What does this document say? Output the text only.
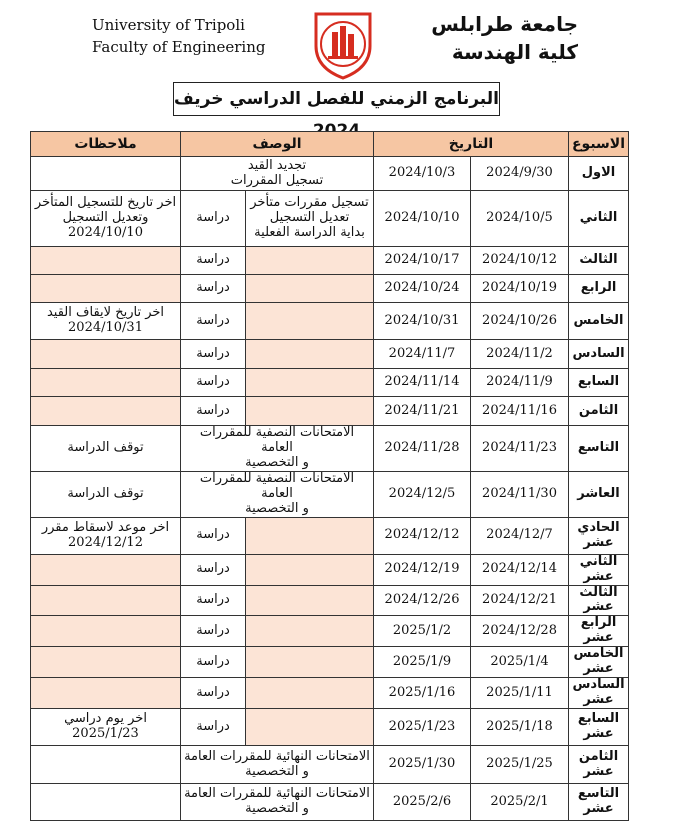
University of Tripoli
Faculty of Engineering
جامعة طرابلس
كلية الهندسة
البرنامج الزمني للفصل الدراسي خريف
الاسبوع	التاريخ		الوصف		ملاحظات
الاول	2024/9/30	2024/10/3	تجديد القيد
تسجيل المقررات		

الثاني	2024/10/5	2024/10/10	تسجيل مقررات متأخر
تعديل التسجيل
بداية الدراسة الفعلية	دراسة	اخر تاريخ للتسجيل المتأخر
وتعديل التسجيل
2024/10/10

الثالث	2024/10/12	2024/10/17		دراسة	

الرابع	2024/10/19	2024/10/24		دراسة	

الخامس	2024/10/26	2024/10/31		دراسة	اخر تاريخ لايقاف القيد
2024/10/31

السادس	2024/11/2	2024/11/7		دراسة	

السابع	2024/11/9	2024/11/14		دراسة	

الثامن	2024/11/16	2024/11/21		دراسة	

التاسع	2024/11/23	2024/11/28	الامتحانات النصفية للمقررات العامة
و التخصصية		توقف الدراسة

العاشر	2024/11/30	2024/12/5	الامتحانات النصفية للمقررات العامة
و التخصصية		توقف الدراسة

الحادي عشر	2024/12/7	2024/12/12		دراسة	اخر موعد لاسقاط مقرر
2024/12/12

الثاني عشر	2024/12/14	2024/12/19		دراسة	

الثالث عشر	2024/12/21	2024/12/26		دراسة	

الرابع عشر	2024/12/28	2025/1/2		دراسة	

الخامس عشر	2025/1/4	2025/1/9		دراسة	

السادس عشر	2025/1/11	2025/1/16		دراسة	

السابع عشر	2025/1/18	2025/1/23		دراسة	اخر يوم دراسي
2025/1/23

الثامن عشر	2025/1/25	2025/1/30	الامتحانات النهائية للمقررات العامة
و التخصصية		

التاسع عشر	2025/2/1	2025/2/6	الامتحانات النهائية للمقررات العامة
و التخصصية		
